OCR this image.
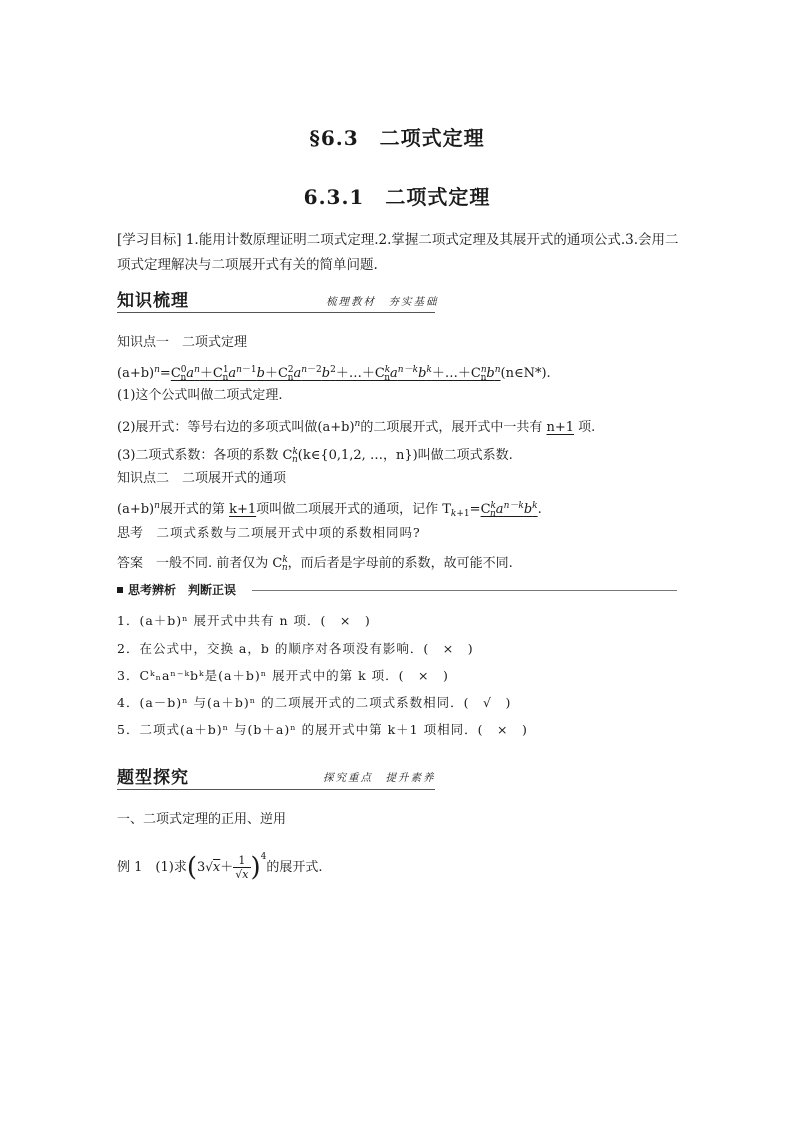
§6.3　二项式定理
6.3.1　二项式定理
[学习目标] 1.能用计数原理证明二项式定理.2.掌握二项式定理及其展开式的通项公式.3.会用二项式定理解决与二项展开式有关的简单问题.
知识梳理	梳理教材　夯实基础
知识点一　二项式定理
$(a+b)^n=C^0_na^n+C^1_na^{n-1}b+C^2_na^{n-2}b^2+\dots+C^k_na^{n-k}b^k+\dots+C^n_nb^n(n\in N*)$.
(1)这个公式叫做二项式定理.
(2)展开式：等号右边的多项式叫做$(a+b)^n$的二项展开式，展开式中一共有 n+1 项.
(3)二项式系数：各项的系数 $C^k_n(k\in\{0,1,2$, …，n})叫做二项式系数.
知识点二　二项展开式的通项
$(a+b)^n$展开式的第 k+1项叫做二项展开式的通项，记作 $T_{k+1}=C^k_na^{n-k}b^k$.
思考　二项式系数与二项展开式中项的系数相同吗?
答案　一般不同. 前者仅为 $C^k_n$，而后者是字母前的系数，故可能不同.
思考辨析　判断正误
1．(a＋b)ⁿ 展开式中共有 n 项．(　×　)
2．在公式中，交换 a，b 的顺序对各项没有影响．(　×　)
3．Cᵏₙaⁿ⁻ᵏbᵏ是(a＋b)ⁿ 展开式中的第 k 项．(　×　)
4．(a－b)ⁿ 与(a＋b)ⁿ 的二项展开式的二项式系数相同．(　√　)
5．二项式(a＋b)ⁿ 与(b＋a)ⁿ 的展开式中第 k＋1 项相同．(　×　)
题型探究	探究重点　提升素养
一、二项式定理的正用、逆用
例 1　(1)求$(3√x+ \frac{1}{√x} )^4$的展开式.
